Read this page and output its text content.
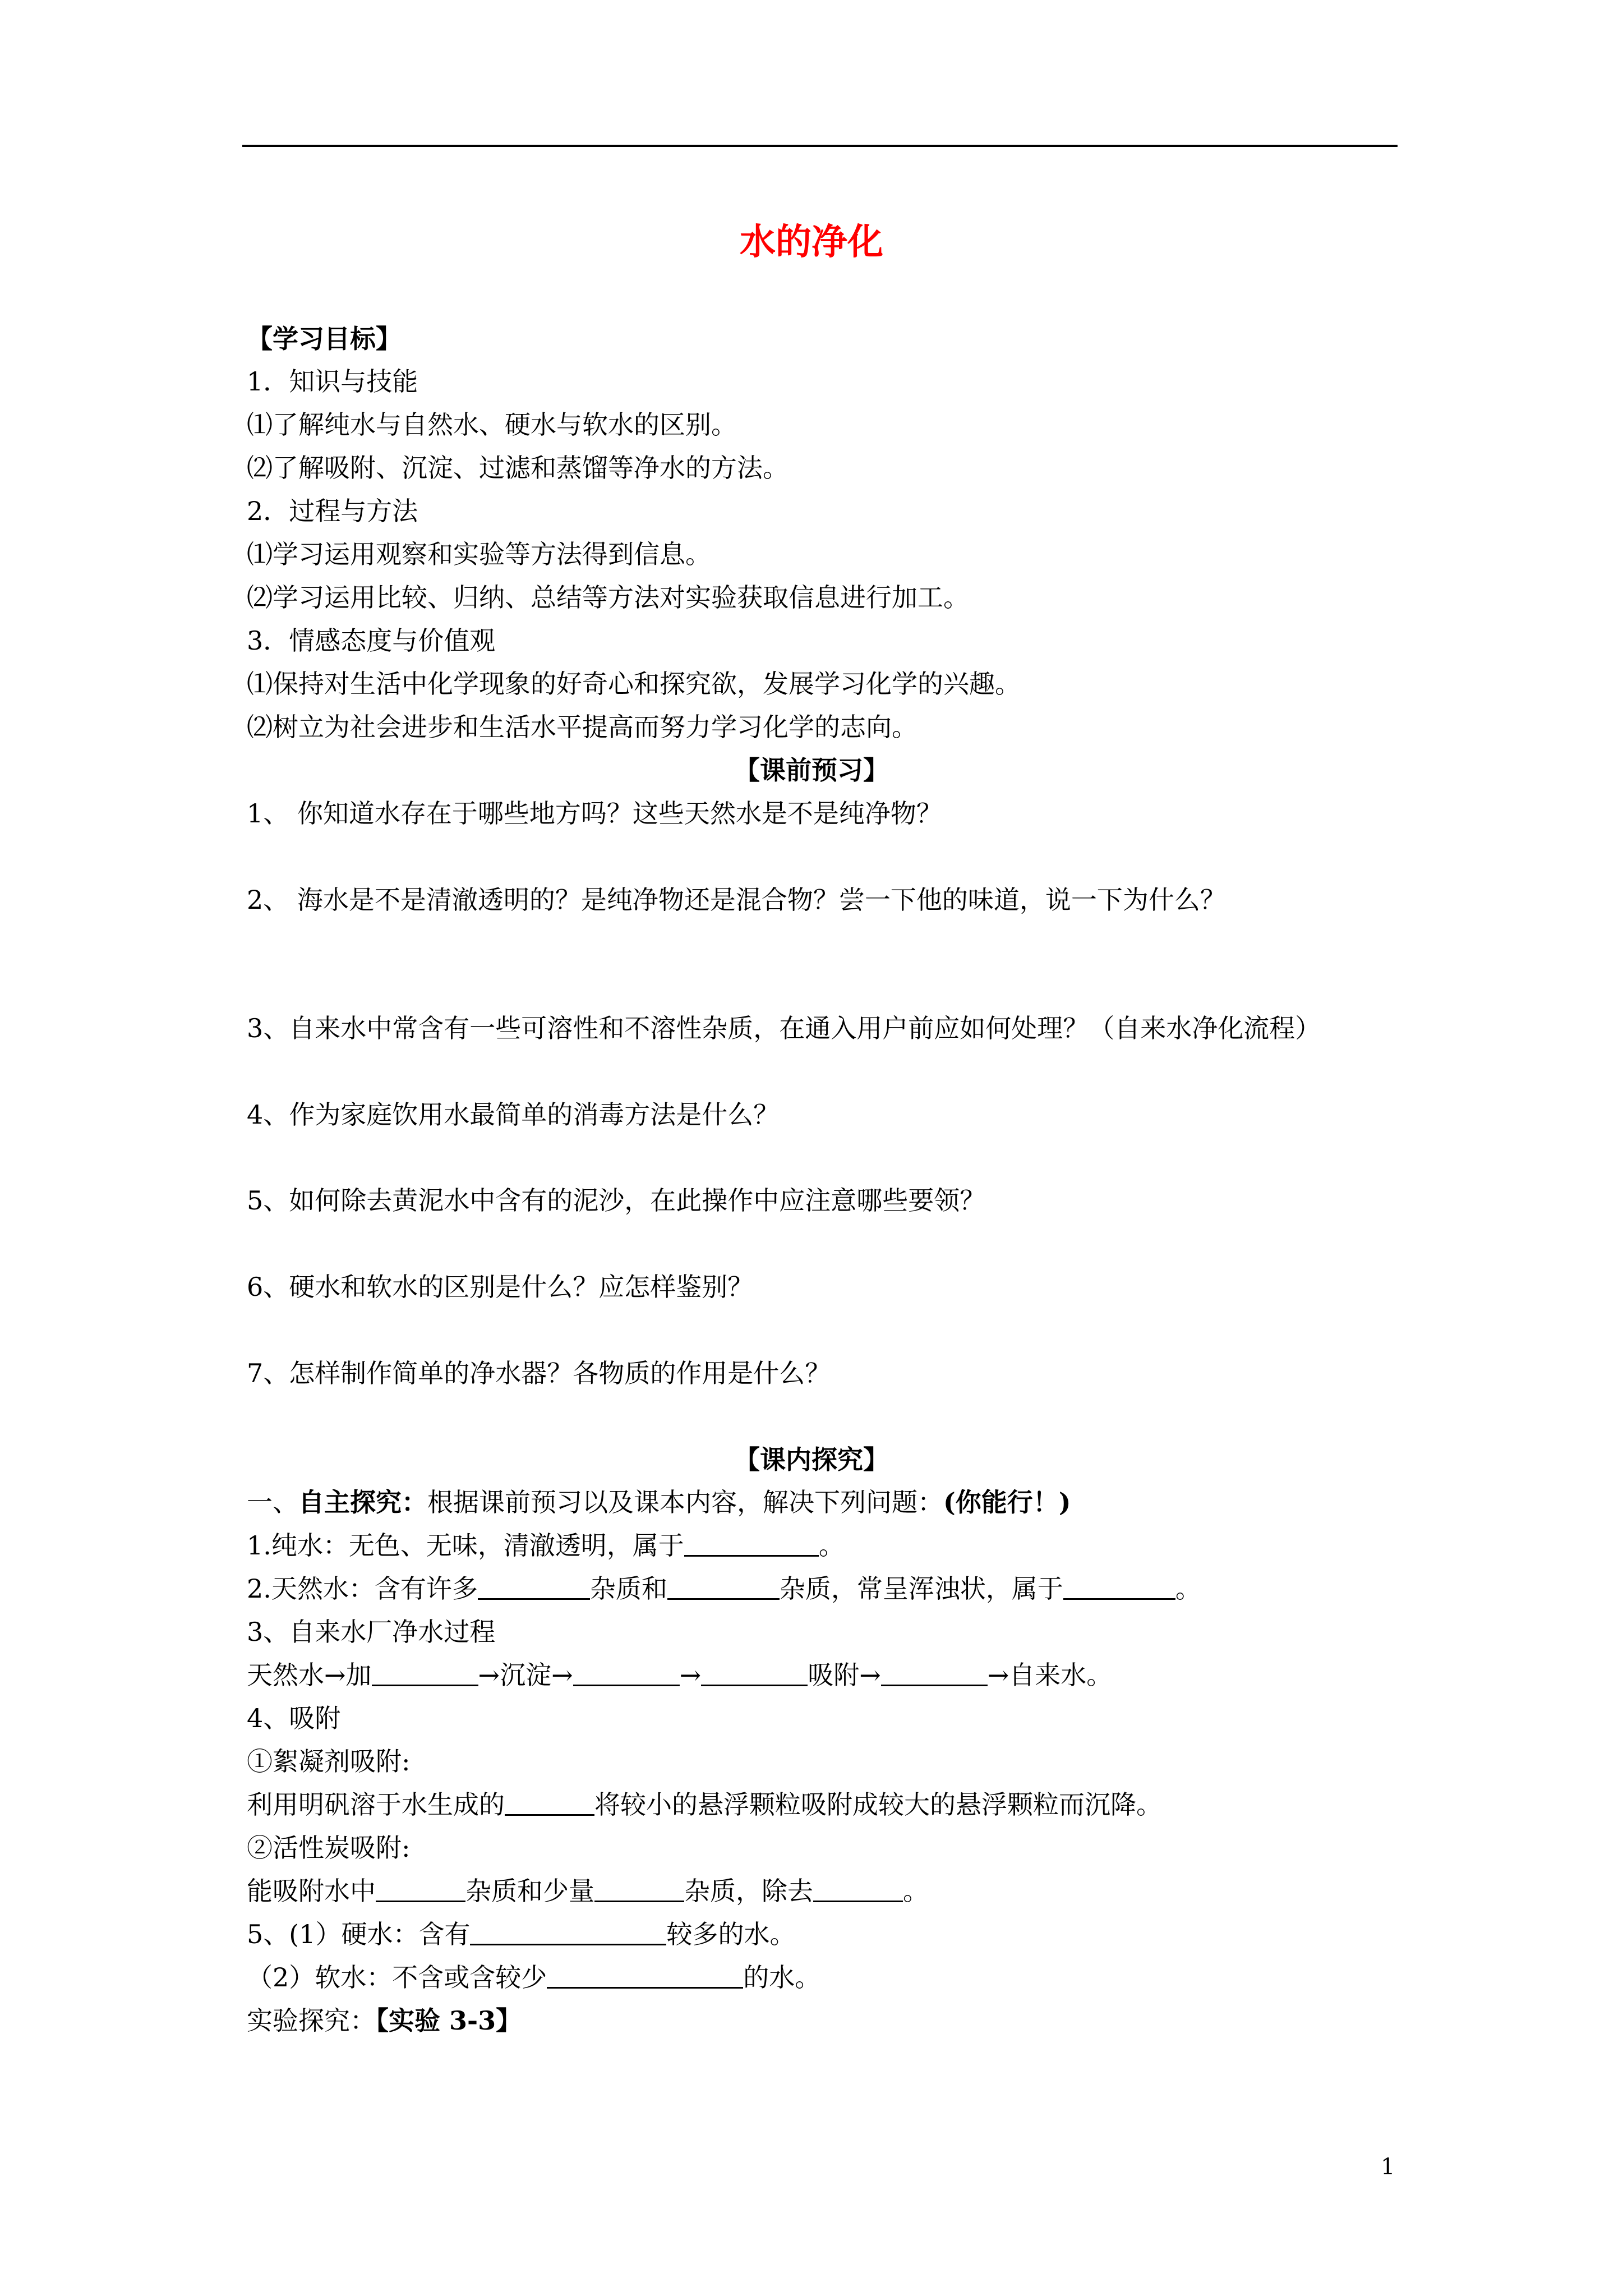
水的净化
【学习目标】
1．知识与技能
⑴了解纯水与自然水、硬水与软水的区别。
⑵了解吸附、沉淀、过滤和蒸馏等净水的方法。
2．过程与方法
⑴学习运用观察和实验等方法得到信息。
⑵学习运用比较、归纳、总结等方法对实验获取信息进行加工。
3．情感态度与价值观
⑴保持对生活中化学现象的好奇心和探究欲，发展学习化学的兴趣。
⑵树立为社会进步和生活水平提高而努力学习化学的志向。
【课前预习】
1、 你知道水存在于哪些地方吗？这些天然水是不是纯净物？
2、 海水是不是清澈透明的？是纯净物还是混合物？尝一下他的味道，说一下为什么？
3、自来水中常含有一些可溶性和不溶性杂质，在通入用户前应如何处理？（自来水净化流程）
4、作为家庭饮用水最简单的消毒方法是什么？
5、如何除去黄泥水中含有的泥沙，在此操作中应注意哪些要领？
6、硬水和软水的区别是什么？应怎样鉴别？
7、怎样制作简单的净水器？各物质的作用是什么？
【课内探究】
一、自主探究：根据课前预习以及课本内容，解决下列问题：(你能行！)
1.纯水：无色、无味，清澈透明，属于	。
2.天然水：含有许多	杂质和	杂质，常呈浑浊状，属于	。
3、自来水厂净水过程
天然水→加	→沉淀→	→	吸附→	→自来水。
4、吸附
①絮凝剂吸附:
利用明矾溶于水生成的	将较小的悬浮颗粒吸附成较大的悬浮颗粒而沉降。
②活性炭吸附:
能吸附水中	杂质和少量	杂质，除去	。
5、(1）硬水：含有	较多的水。
（2）软水：不含或含较少	的水。
实验探究：【实验 3-3】
1
